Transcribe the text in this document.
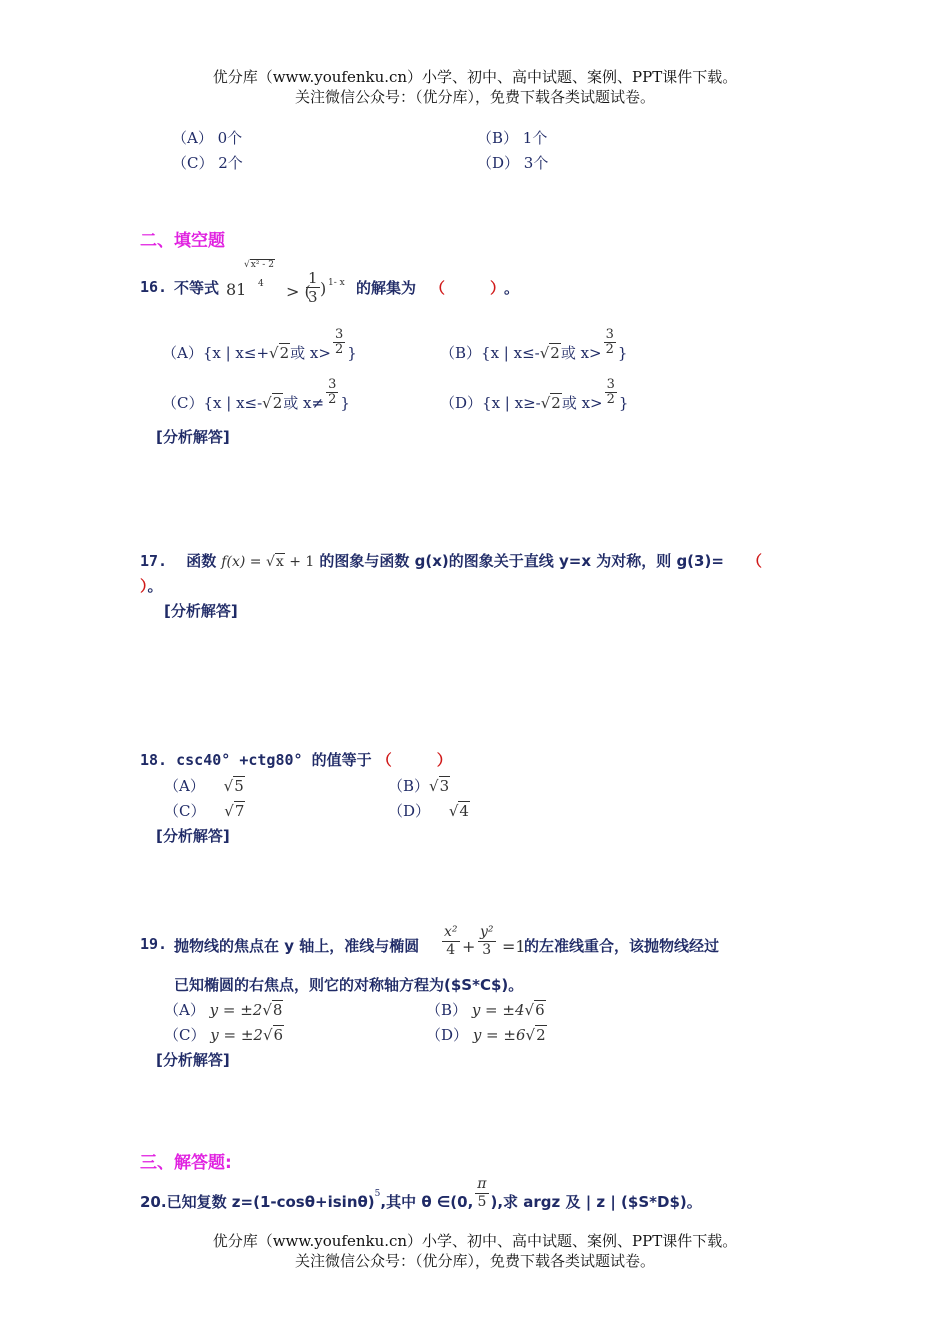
优分库（www.youfenku.cn）小学、初中、高中试题、案例、PPT课件下载。
关注微信公众号：（优分库），免费下载各类试题试卷。
（A） 0个	（B） 1个
（C） 2个	（D） 3个
二、填空题
16. 不等式 81
√x² - 2
4 > (
$\frac{1}{3}$ ) 1- x 的解集为 （　　　）
。
（A）{x | x≤+√2或 $x> \frac{3}{2}$ }	（B）{x | x≤-√2或 $x> \frac{3}{2}$ }
（C）{x | x≤-√2或 $x\ne \frac{3}{2}$ }	（D）{x | x≥-√2或 $x> \frac{3}{2}$ }
[分析解答]
17. 函数 f(x) = √x + 1 的图象与函数 g(x)的图象关于直线 y=x 为对称，则 g(3)= （
）。
[分析解答]
18. csc40° +ctg80° 的值等于 （　　　）
（A） √5	（B）√3
（C） √7	（D） √4
[分析解答]
19. 抛物线的焦点在 y 轴上，准线与椭圆 $\frac{\text{x²}}{4} + \frac{\text{y²}}{3} =1$
的左准线重合，该抛物线经过
已知椭圆的右焦点，则它的对称轴方程为($S*C$)。
（A） y = ±2√8	（B） y = ±4√6
（C） y = ±2√6	（D） y = ±6√2
[分析解答]
三、解答题:
20.已知复数 $z=(1-\cos\theta+isin\theta)^5$,其中 θ ∈(0, $\frac{\pi}{5}$ ),求 argz 及 | z | ($S*D$)。
优分库（www.youfenku.cn）小学、初中、高中试题、案例、PPT课件下载。
关注微信公众号：（优分库），免费下载各类试题试卷。
